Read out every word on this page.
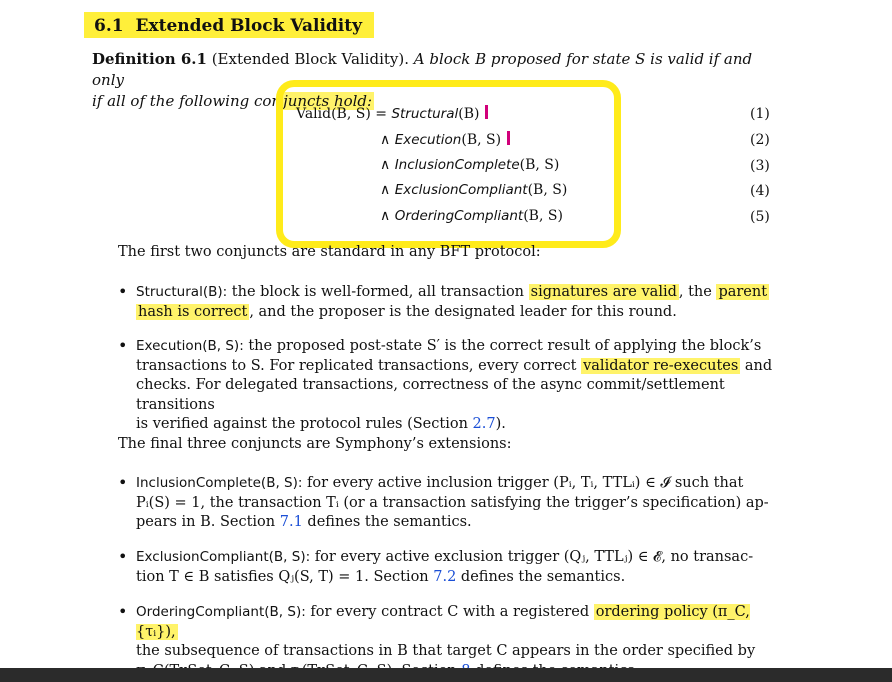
6.1 Extended Block Validity
Definition 6.1 (Extended Block Validity). A block B proposed for state S is valid if and only
if all of the following con juncts hold:
Valid(B, S) = Structural(B)	(1)
∧ Execution(B, S)	(2)
∧ InclusionComplete(B, S)	(3)
∧ ExclusionCompliant(B, S)	(4)
∧ OrderingCompliant(B, S)	(5)
The first two conjuncts are standard in any BFT protocol:
• Structural(B): the block is well-formed, all transaction signatures are valid , the parent
hash is correct , and the proposer is the designated leader for this round.
• Execution(B, S): the proposed post-state S′ is the correct result of applying the block’s
transactions to S. For replicated transactions, every correct validator re-executes and
checks. For delegated transactions, correctness of the async commit/settlement transitions
is verified against the protocol rules (Section 2.7).
The final three conjuncts are Symphony’s extensions:
• InclusionComplete(B, S): for every active inclusion trigger (Pᵢ, Tᵢ, TTLᵢ) ∈ 𝓘 such that
Pᵢ(S) = 1, the transaction Tᵢ (or a transaction satisfying the trigger’s specification) ap-
pears in B. Section 7.1 defines the semantics.
• ExclusionCompliant(B, S): for every active exclusion trigger (Qⱼ, TTLⱼ) ∈ 𝓔, no transac-
tion T ∈ B satisfies Qⱼ(S, T) = 1. Section 7.2 defines the semantics.
• OrderingCompliant(B, S): for every contract C with a registered ordering policy (π_C, {τᵢ}),
the subsequence of transactions in B that target C appears in the order specified by
